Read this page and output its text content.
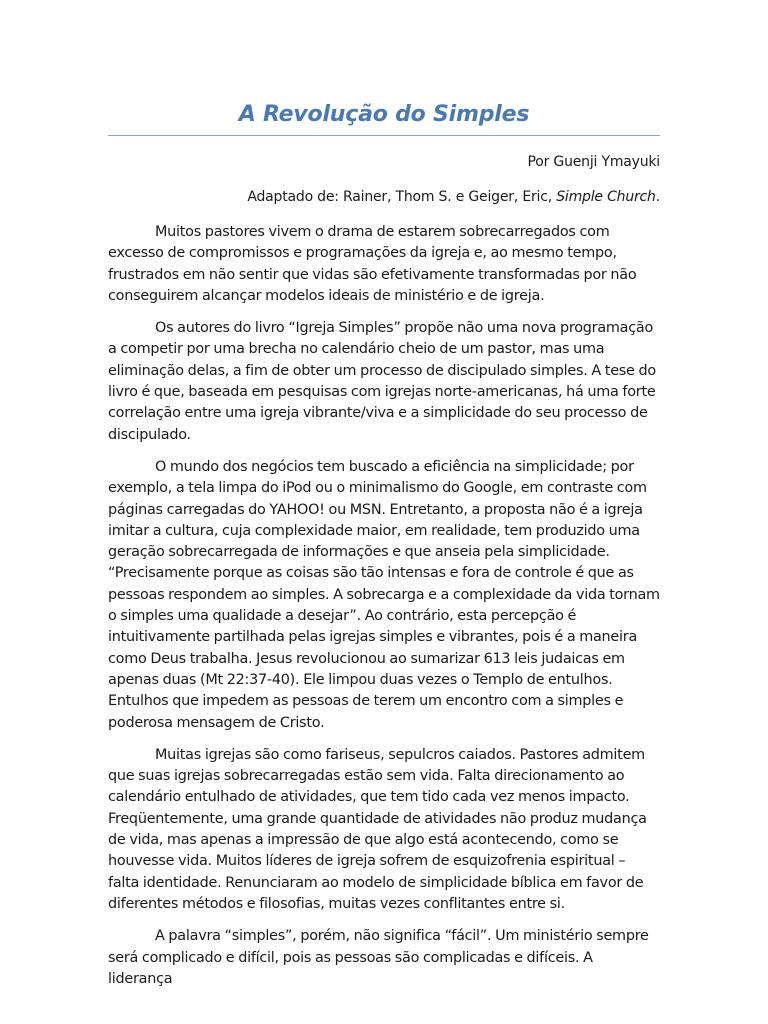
A Revolução do Simples

Por Guenji Ymayuki

Adaptado de: Rainer, Thom S. e Geiger, Eric, Simple Church.

Muitos pastores vivem o drama de estarem sobrecarregados com excesso de compromissos e programações da igreja e, ao mesmo tempo, frustrados em não sentir que vidas são efetivamente transformadas por não conseguirem alcançar modelos ideais de ministério e de igreja.

Os autores do livro “Igreja Simples” propõe não uma nova programação a competir por uma brecha no calendário cheio de um pastor, mas uma eliminação delas, a fim de obter um processo de discipulado simples. A tese do livro é que, baseada em pesquisas com igrejas norte-americanas, há uma forte correlação entre uma igreja vibrante/viva e a simplicidade do seu processo de discipulado.

O mundo dos negócios tem buscado a eficiência na simplicidade; por exemplo, a tela limpa do iPod ou o minimalismo do Google, em contraste com páginas carregadas do YAHOO! ou MSN. Entretanto, a proposta não é a igreja imitar a cultura, cuja complexidade maior, em realidade, tem produzido uma geração sobrecarregada de informações e que anseia pela simplicidade. “Precisamente porque as coisas são tão intensas e fora de controle é que as pessoas respondem ao simples. A sobrecarga e a complexidade da vida tornam o simples uma qualidade a desejar”. Ao contrário, esta percepção é intuitivamente partilhada pelas igrejas simples e vibrantes, pois é a maneira como Deus trabalha. Jesus revolucionou ao sumarizar 613 leis judaicas em apenas duas (Mt 22:37-40). Ele limpou duas vezes o Templo de entulhos. Entulhos que impedem as pessoas de terem um encontro com a simples e poderosa mensagem de Cristo.

Muitas igrejas são como fariseus, sepulcros caiados. Pastores admitem que suas igrejas sobrecarregadas estão sem vida. Falta direcionamento ao calendário entulhado de atividades, que tem tido cada vez menos impacto. Freqüentemente, uma grande quantidade de atividades não produz mudança de vida, mas apenas a impressão de que algo está acontecendo, como se houvesse vida. Muitos líderes de igreja sofrem de esquizofrenia espiritual – falta identidade. Renunciaram ao modelo de simplicidade bíblica em favor de diferentes métodos e filosofias, muitas vezes conflitantes entre si.

A palavra “simples”, porém, não significa “fácil”. Um ministério sempre será complicado e difícil, pois as pessoas são complicadas e difíceis. A liderança
